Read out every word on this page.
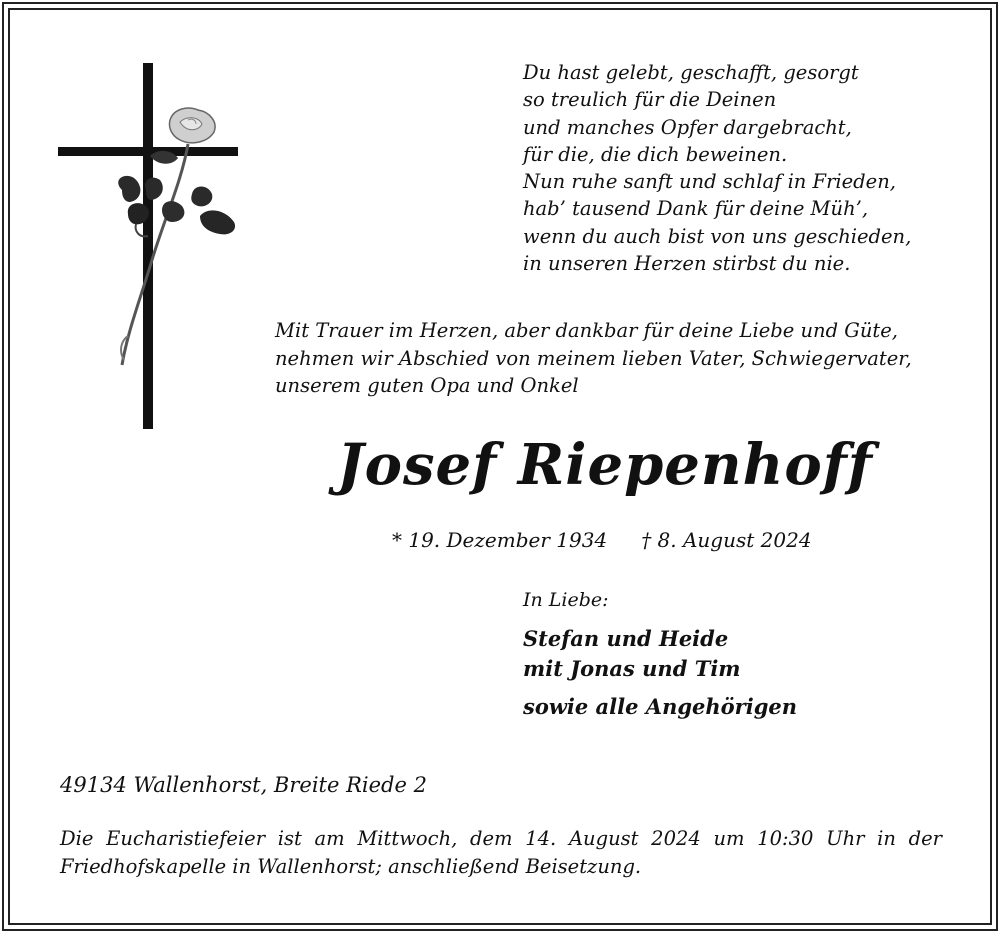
Du hast gelebt, geschafft, gesorgt
so treulich für die Deinen
und manches Opfer dargebracht,
für die, die dich beweinen.
Nun ruhe sanft und schlaf in Frieden,
hab’ tausend Dank für deine Müh’,
wenn du auch bist von uns geschieden,
in unseren Herzen stirbst du nie.
Mit Trauer im Herzen, aber dankbar für deine Liebe und Güte,
nehmen wir Abschied von meinem lieben Vater, Schwiegervater,
unserem guten Opa und Onkel
Josef Riepenhoff
* 19. Dezember 1934 † 8. August 2024
In Liebe:
Stefan und Heide
mit Jonas und Tim
sowie alle Angehörigen
49134 Wallenhorst, Breite Riede 2
Die Eucharistiefeier ist am Mittwoch, dem 14. August 2024 um 10:30 Uhr in der Friedhofskapelle in Wallenhorst; anschließend Beisetzung.
